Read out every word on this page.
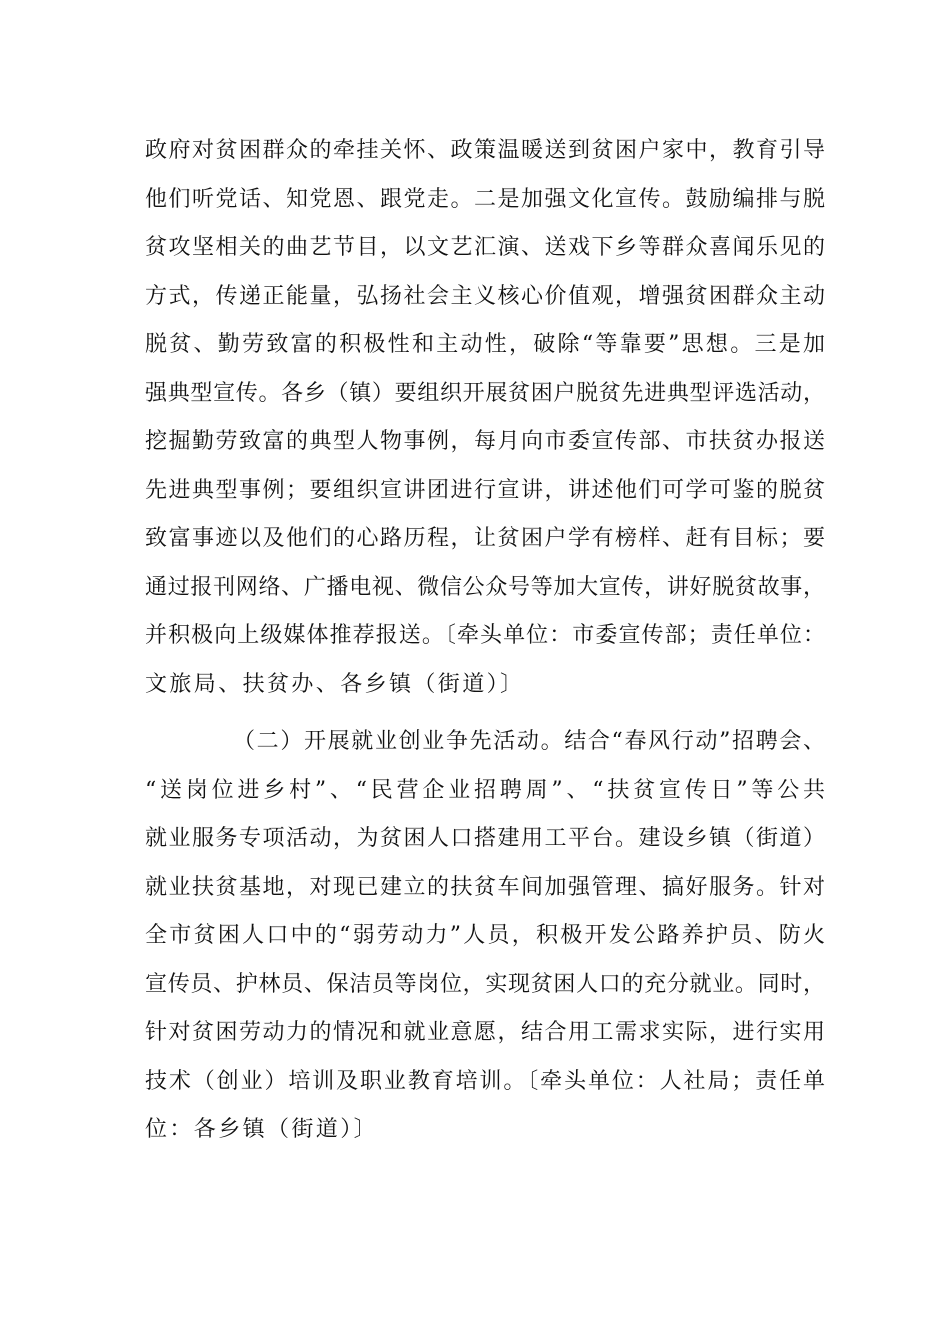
政府对贫困群众的牵挂关怀、政策温暖送到贫困户家中，教育引导
他们听党话、知党恩、跟党走。二是加强文化宣传。鼓励编排与脱
贫攻坚相关的曲艺节目，以文艺汇演、送戏下乡等群众喜闻乐见的
方式，传递正能量，弘扬社会主义核心价值观，增强贫困群众主动
脱贫、勤劳致富的积极性和主动性，破除“等靠要”思想。三是加
强典型宣传。各乡（镇）要组织开展贫困户脱贫先进典型评选活动，
挖掘勤劳致富的典型人物事例，每月向市委宣传部、市扶贫办报送
先进典型事例；要组织宣讲团进行宣讲，讲述他们可学可鉴的脱贫
致富事迹以及他们的心路历程，让贫困户学有榜样、赶有目标；要
通过报刊网络、广播电视、微信公众号等加大宣传，讲好脱贫故事，
并积极向上级媒体推荐报送。〔牵头单位：市委宣传部；责任单位：
文旅局、扶贫办、各乡镇（街道）〕
（二）开展就业创业争先活动。结合“春风行动”招聘会、
“送岗位进乡村”、“民营企业招聘周”、“扶贫宣传日”等公共
就业服务专项活动，为贫困人口搭建用工平台。建设乡镇（街道）
就业扶贫基地，对现已建立的扶贫车间加强管理、搞好服务。针对
全市贫困人口中的“弱劳动力”人员，积极开发公路养护员、防火
宣传员、护林员、保洁员等岗位，实现贫困人口的充分就业。同时，
针对贫困劳动力的情况和就业意愿，结合用工需求实际，进行实用
技术（创业）培训及职业教育培训。〔牵头单位：人社局；责任单
位：各乡镇（街道）〕
